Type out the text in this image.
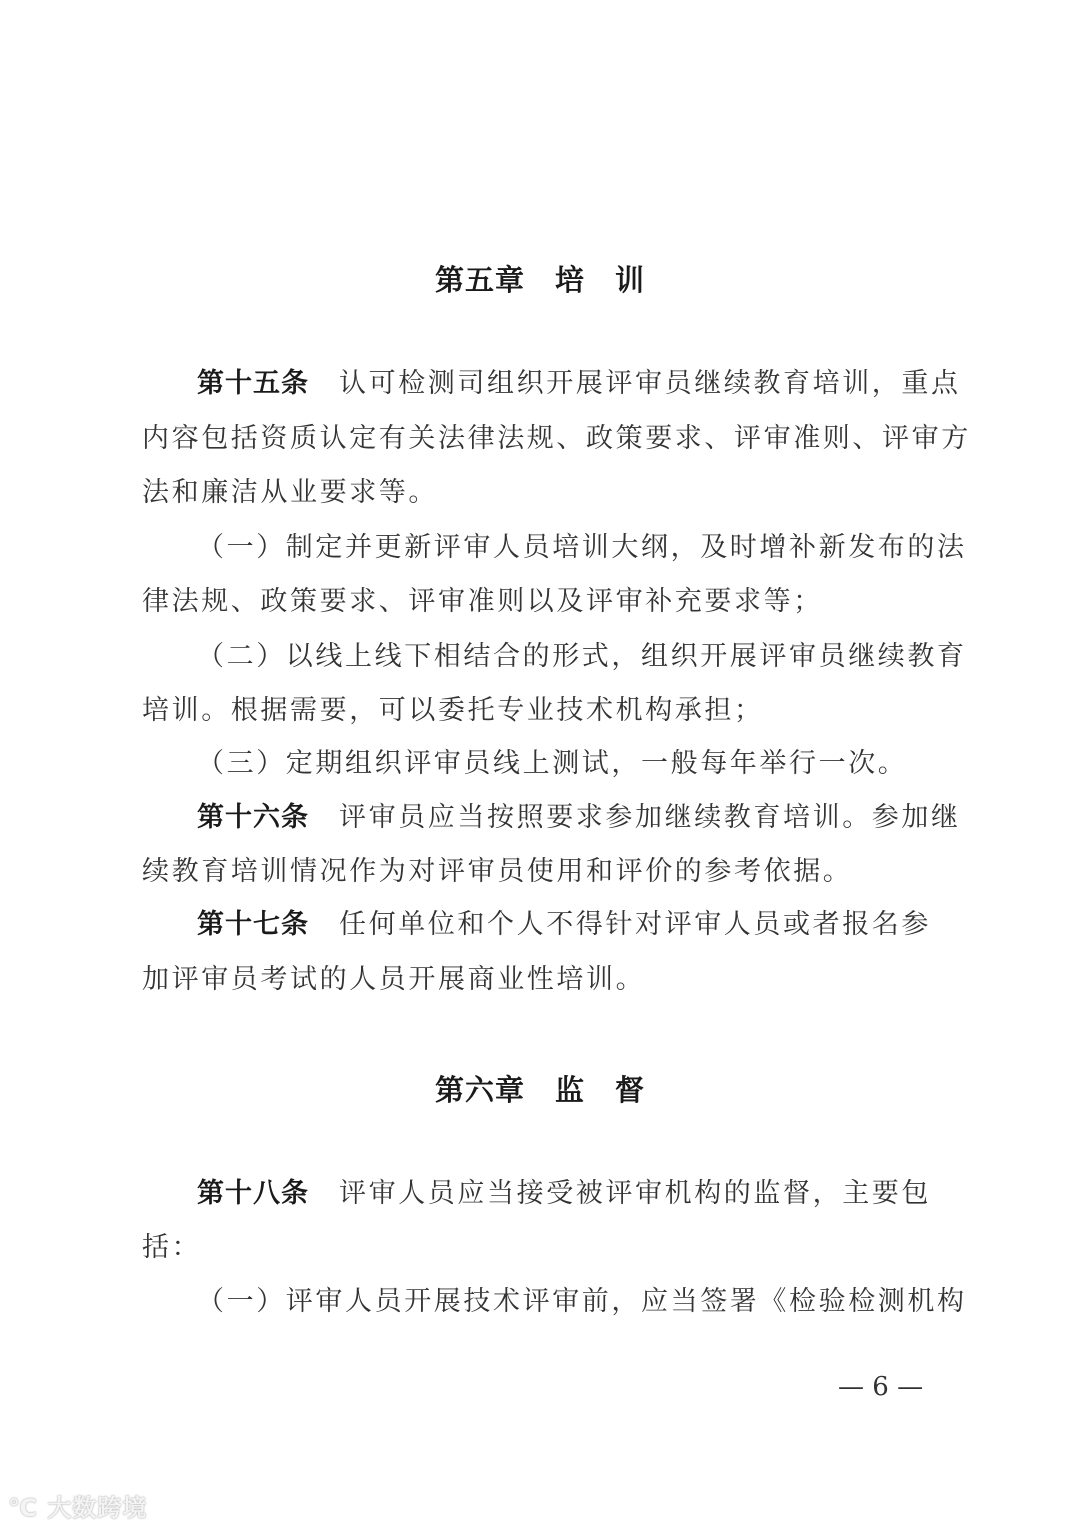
第五章 培 训
第十五条 认可检测司组织开展评审员继续教育培训，重点
内容包括资质认定有关法律法规、政策要求、评审准则、评审方
法和廉洁从业要求等。
（一）制定并更新评审人员培训大纲，及时增补新发布的法
律法规、政策要求、评审准则以及评审补充要求等；
（二）以线上线下相结合的形式，组织开展评审员继续教育
培训。根据需要，可以委托专业技术机构承担；
（三）定期组织评审员线上测试，一般每年举行一次。
第十六条 评审员应当按照要求参加继续教育培训。参加继
续教育培训情况作为对评审员使用和评价的参考依据。
第十七条 任何单位和个人不得针对评审人员或者报名参
加评审员考试的人员开展商业性培训。
第六章 监 督
第十八条 评审人员应当接受被评审机构的监督，主要包
括：
（一）评审人员开展技术评审前，应当签署《检验检测机构
— 6 —
℃ 大数跨境
